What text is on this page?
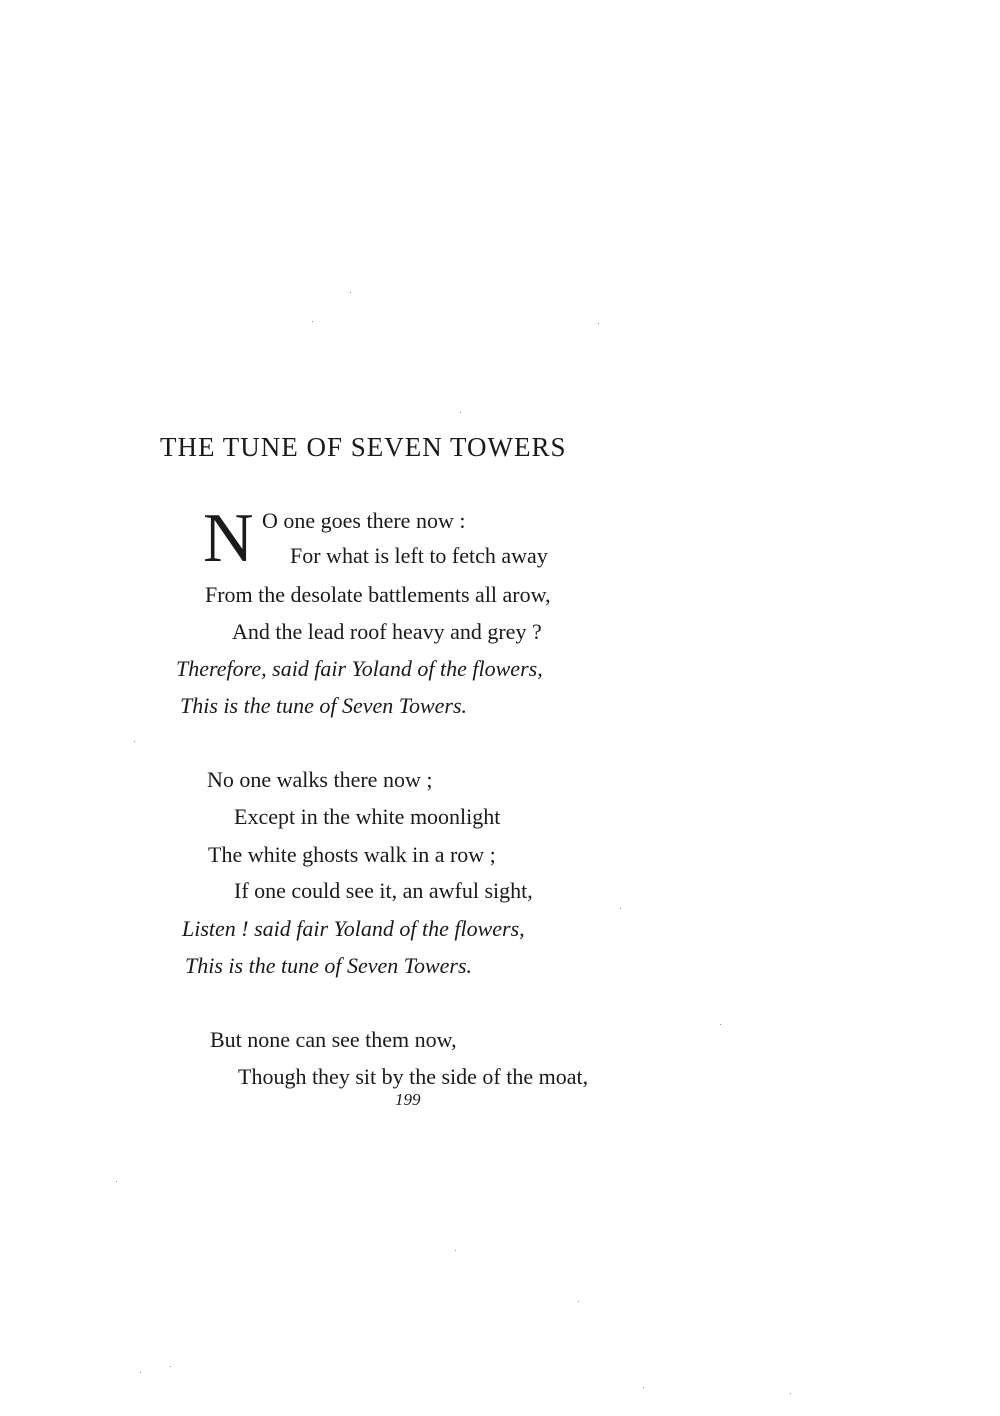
THE TUNE OF SEVEN TOWERS
N O one goes there now :
For what is left to fetch away
From the desolate battlements all arow,
And the lead roof heavy and grey ?
Therefore, said fair Yoland of the flowers,
This is the tune of Seven Towers.
No one walks there now ;
Except in the white moonlight
The white ghosts walk in a row ;
If one could see it, an awful sight,
Listen ! said fair Yoland of the flowers,
This is the tune of Seven Towers.
But none can see them now,
Though they sit by the side of the moat,
199
